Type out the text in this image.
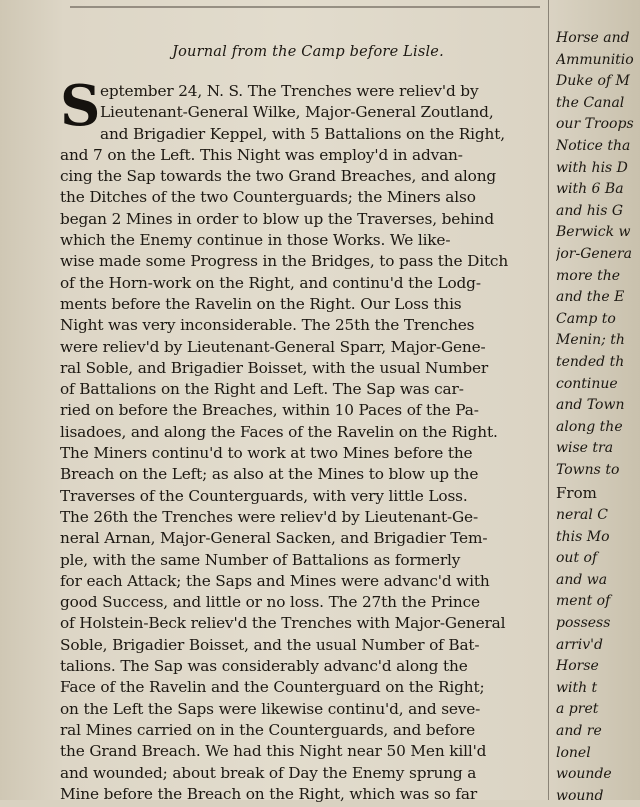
Journal from the Camp before Lisle.
S eptember 24, N. S. The Trenches were reliev'd by
Lieutenant-General Wilke, Major-General Zoutland,
and Brigadier Keppel, with 5 Battalions on the Right,
and 7 on the Left. This Night was employ'd in advan-
cing the Sap towards the two Grand Breaches, and along
the Ditches of the two Counterguards; the Miners also
began 2 Mines in order to blow up the Traverses, behind
which the Enemy continue in those Works. We like-
wise made some Progress in the Bridges, to pass the Ditch
of the Horn-work on the Right, and continu'd the Lodg-
ments before the Ravelin on the Right. Our Loss this
Night was very inconsiderable. The 25th the Trenches
were reliev'd by Lieutenant-General Sparr, Major-Gene-
ral Soble, and Brigadier Boisset, with the usual Number
of Battalions on the Right and Left. The Sap was car-
ried on before the Breaches, within 10 Paces of the Pa-
lisadoes, and along the Faces of the Ravelin on the Right.
The Miners continu'd to work at two Mines before the
Breach on the Left; as also at the Mines to blow up the
Traverses of the Counterguards, with very little Loss.
The 26th the Trenches were reliev'd by Lieutenant-Ge-
neral Arnan, Major-General Sacken, and Brigadier Tem-
ple, with the same Number of Battalions as formerly
for each Attack; the Saps and Mines were advanc'd with
good Success, and little or no loss. The 27th the Prince
of Holstein-Beck reliev'd the Trenches with Major-General
Soble, Brigadier Boisset, and the usual Number of Bat-
talions. The Sap was considerably advanc'd along the
Face of the Ravelin and the Counterguard on the Right;
on the Left the Saps were likewise continu'd, and seve-
ral Mines carried on in the Counterguards, and before
the Grand Breach. We had this Night near 50 Men kill'd
and wounded; about break of Day the Enemy sprung a
Mine before the Breach on the Right, which was so far
Horse and
Ammunitio
Duke of M
the Canal
our Troops
Notice tha
with his D
with 6 Ba
and his G
Berwick w
jor-Genera
more the
and the E
Camp to
Menin; th
tended th
continue
and Town
along the
wise tra
Towns to
From
neral C
this Mo
out of
and wa
ment of
possess
arriv'd
Horse
with t
a pret
and re
lonel
wounde
wound
